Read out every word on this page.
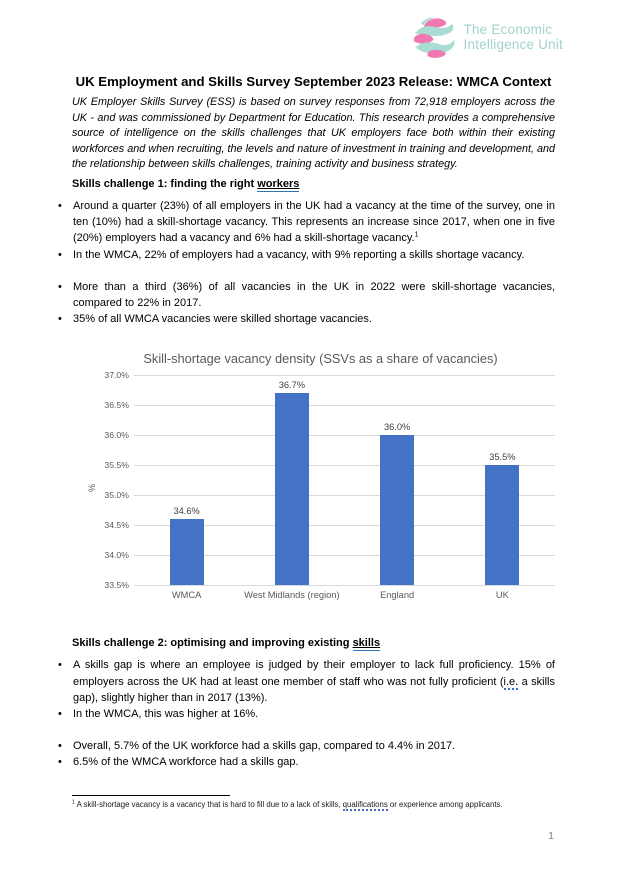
The Economic
Intelligence Unit
UK Employment and Skills Survey September 2023 Release: WMCA Context

UK Employer Skills Survey (ESS) is based on survey responses from 72,918 employers across the UK - and was commissioned by Department for Education. This research provides a comprehensive source of intelligence on the skills challenges that UK employers face both within their existing workforces and when recruiting, the levels and nature of investment in training and development, and the relationship between skills challenges, training activity and business strategy.

Skills challenge 1: finding the right workers
• Around a quarter (23%) of all employers in the UK had a vacancy at the time of the survey, one in ten (10%) had a skill-shortage vacancy. This represents an increase since 2017, when one in five (20%) employers had a vacancy and 6% had a skill-shortage vacancy.$^1$
• In the WMCA, 22% of employers had a vacancy, with 9% reporting a skills shortage vacancy.
• More than a third (36%) of all vacancies in the UK in 2022 were skill-shortage vacancies, compared to 22% in 2017.
• 35% of all WMCA vacancies were skilled shortage vacancies.
Skill-shortage vacancy density (SSVs as a share of vacancies)
%
37.0%
36.5%
36.0%
35.5%
35.0%
34.5%
34.0%
33.5%
34.6%
36.7%
36.0%
35.5%
WMCA	West Midlands (region)	England	UK
Skills challenge 2: optimising and improving existing skills
• A skills gap is where an employee is judged by their employer to lack full proficiency. 15% of employers across the UK had at least one member of staff who was not fully proficient (i.e. a skills gap), slightly higher than in 2017 (13%).
• In the WMCA, this was higher at 16%.
• Overall, 5.7% of the UK workforce had a skills gap, compared to 4.4% in 2017.
• 6.5% of the WMCA workforce had a skills gap.

$^1$ A skill-shortage vacancy is a vacancy that is hard to fill due to a lack of skills, qualifications or experience among applicants.

1
